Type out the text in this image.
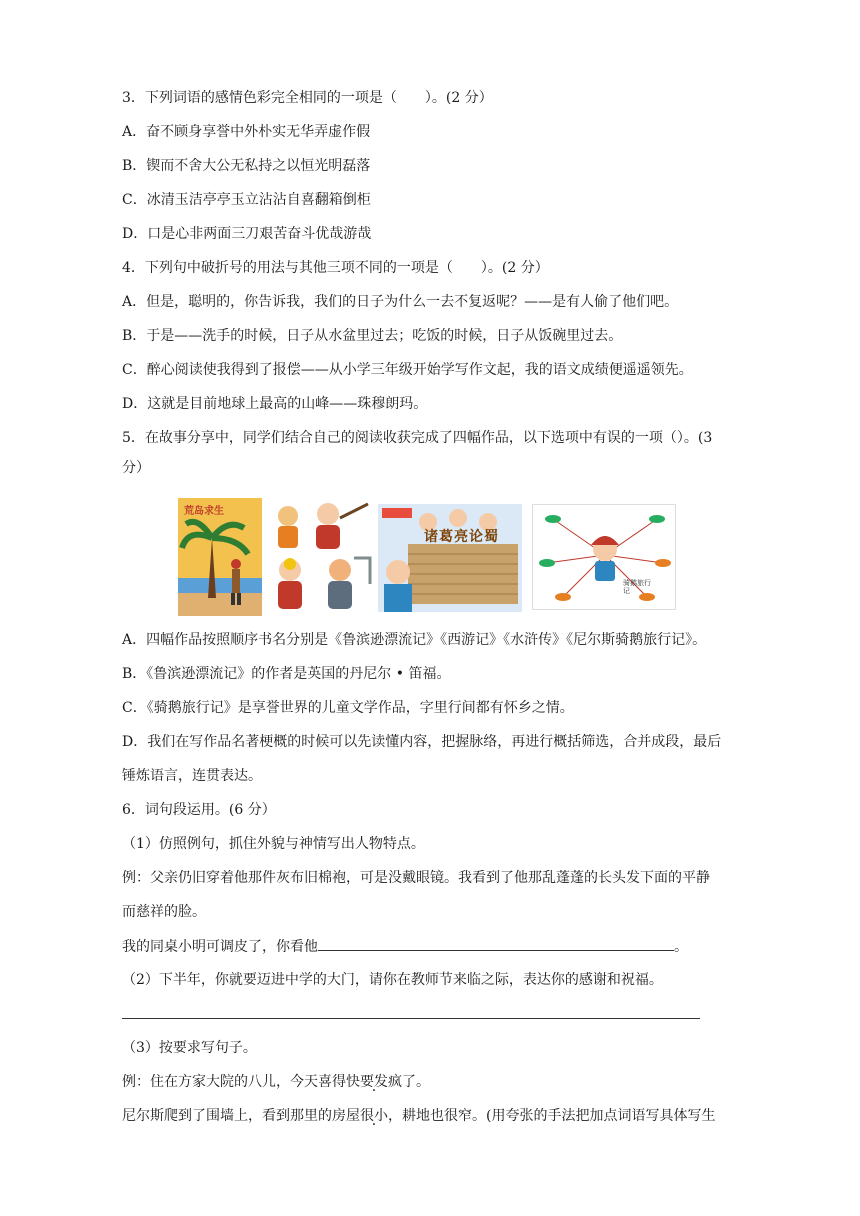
3．下列词语的感情色彩完全相同的一项是（　　）。(2 分）
A．奋不顾身享誉中外朴实无华弄虚作假
B．锲而不舍大公无私持之以恒光明磊落
C．冰清玉洁亭亭玉立沾沾自喜翻箱倒柜
D．口是心非两面三刀艰苦奋斗优哉游哉
4．下列句中破折号的用法与其他三项不同的一项是（　　）。(2 分）
A．但是，聪明的，你告诉我，我们的日子为什么一去不复返呢？——是有人偷了他们吧。
B．于是——洗手的时候，日子从水盆里过去；吃饭的时候，日子从饭碗里过去。
C．醉心阅读使我得到了报偿——从小学三年级开始学写作文起，我的语文成绩便遥遥领先。
D．这就是目前地球上最高的山峰——珠穆朗玛。
5．在故事分享中，同学们结合自己的阅读收获完成了四幅作品，以下选项中有误的一项（）。(3
分）
荒岛求生
诸葛亮论蜀
骑鹅旅行记
A．四幅作品按照顺序书名分别是《鲁滨逊漂流记》《西游记》《水浒传》《尼尔斯骑鹅旅行记》。
B．《鲁滨逊漂流记》的作者是英国的丹尼尔 • 笛福。
C．《骑鹅旅行记》是享誉世界的儿童文学作品，字里行间都有怀乡之情。
D．我们在写作品名著梗概的时候可以先读懂内容，把握脉络，再进行概括筛选，合并成段，最后
锤炼语言，连贯表达。
6．词句段运用。(6 分）
（1）仿照例句，抓住外貌与神情写出人物特点。
例：父亲仍旧穿着他那件灰布旧棉袍，可是没戴眼镜。我看到了他那乱蓬蓬的长头发下面的平静
而慈祥的脸。
我的同桌小明可调皮了，你看他	。
（2）下半年，你就要迈进中学的大门，请你在教师节来临之际，表达你的感谢和祝福。
（3）按要求写句子。
例：住在方家大院的八儿，今天喜得快要发疯了。
尼尔斯爬到了围墙上，看到那里的房屋很小，耕地也很窄。(用夸张的手法把加点词语写具体写生
